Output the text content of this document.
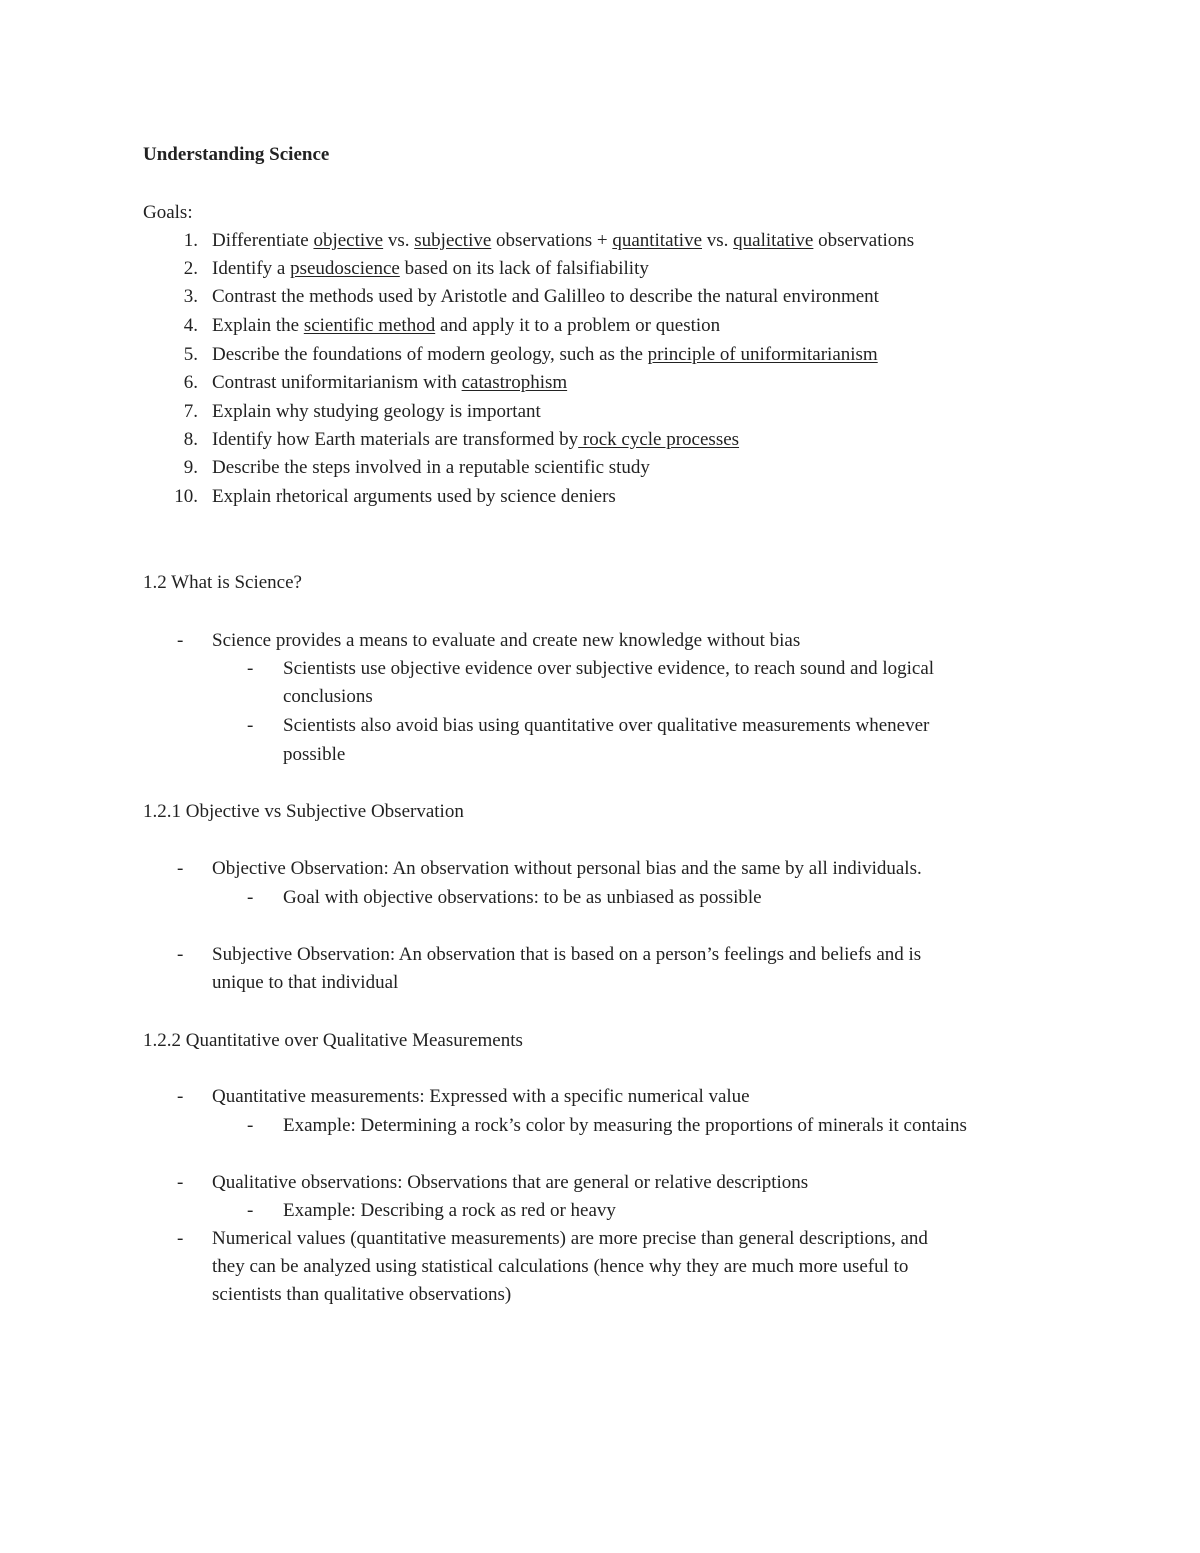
Understanding Science
Goals:
1. Differentiate objective vs. subjective observations + quantitative vs. qualitative observations
2. Identify a pseudoscience based on its lack of falsifiability
3. Contrast the methods used by Aristotle and Galilleo to describe the natural environment
4. Explain the scientific method and apply it to a problem or question
5. Describe the foundations of modern geology, such as the principle of uniformitarianism
6. Contrast uniformitarianism with catastrophism
7. Explain why studying geology is important
8. Identify how Earth materials are transformed by rock cycle processes
9. Describe the steps involved in a reputable scientific study
10. Explain rhetorical arguments used by science deniers
1.2 What is Science?
- Science provides a means to evaluate and create new knowledge without bias
- Scientists use objective evidence over subjective evidence, to reach sound and logical
conclusions
- Scientists also avoid bias using quantitative over qualitative measurements whenever
possible
1.2.1 Objective vs Subjective Observation
- Objective Observation: An observation without personal bias and the same by all individuals.
- Goal with objective observations: to be as unbiased as possible
- Subjective Observation: An observation that is based on a person’s feelings and beliefs and is
unique to that individual
1.2.2 Quantitative over Qualitative Measurements
- Quantitative measurements: Expressed with a specific numerical value
- Example: Determining a rock’s color by measuring the proportions of minerals it contains
- Qualitative observations: Observations that are general or relative descriptions
- Example: Describing a rock as red or heavy
- Numerical values (quantitative measurements) are more precise than general descriptions, and
they can be analyzed using statistical calculations (hence why they are much more useful to
scientists than qualitative observations)
